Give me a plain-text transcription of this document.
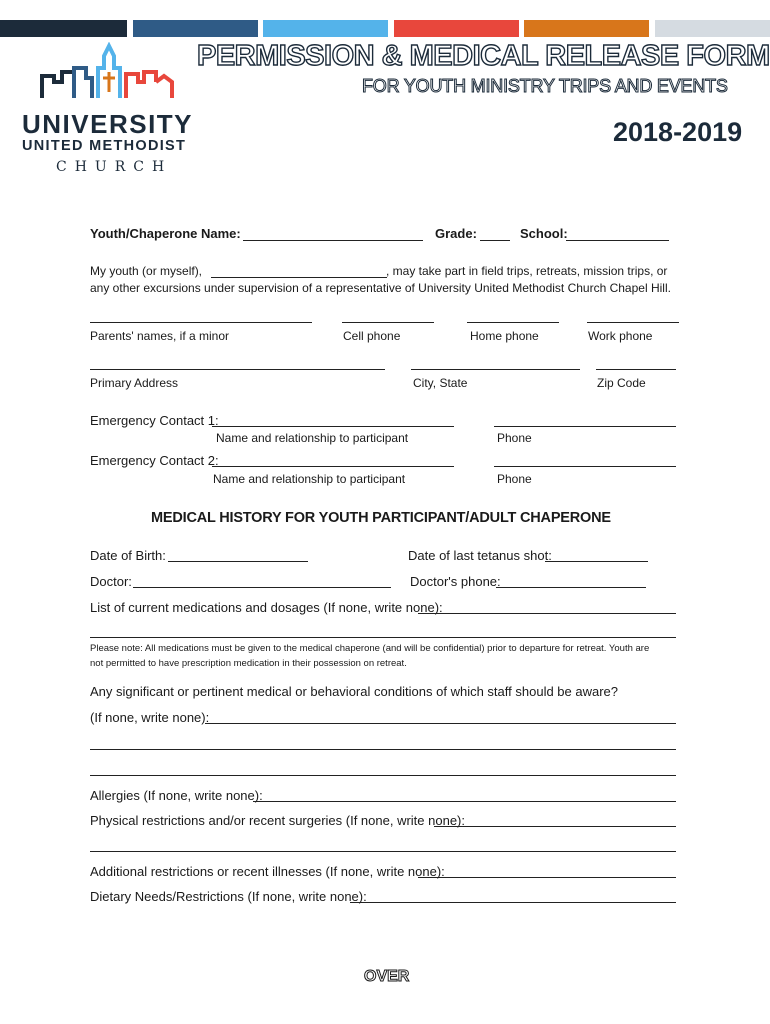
UNIVERSITY
UNITED METHODIST
CHURCH
PERMISSION & MEDICAL RELEASE FORM
FOR YOUTH MINISTRY TRIPS AND EVENTS
2018-2019
Youth/Chaperone Name:	Grade:	School:
My youth (or myself),	, may take part in field trips, retreats, mission trips, or
any other excursions under supervision of a representative of University United Methodist Church Chapel Hill.
Parents' names, if a minor	Cell phone	Home phone	Work phone
Primary Address	City, State	Zip Code
Emergency Contact 1:
Name and relationship to participant	Phone
Emergency Contact 2:
Name and relationship to participant	Phone
MEDICAL HISTORY FOR YOUTH PARTICIPANT/ADULT CHAPERONE
Date of Birth:	Date of last tetanus shot:
Doctor:	Doctor's phone:
List of current medications and dosages (If none, write none):
Please note: All medications must be given to the medical chaperone (and will be confidential) prior to departure for retreat. Youth are
not permitted to have prescription medication in their possession on retreat.
Any significant or pertinent medical or behavioral conditions of which staff should be aware?
(If none, write none):
Allergies (If none, write none):
Physical restrictions and/or recent surgeries (If none, write none):
Additional restrictions or recent illnesses (If none, write none):
Dietary Needs/Restrictions (If none, write none):
OVER
